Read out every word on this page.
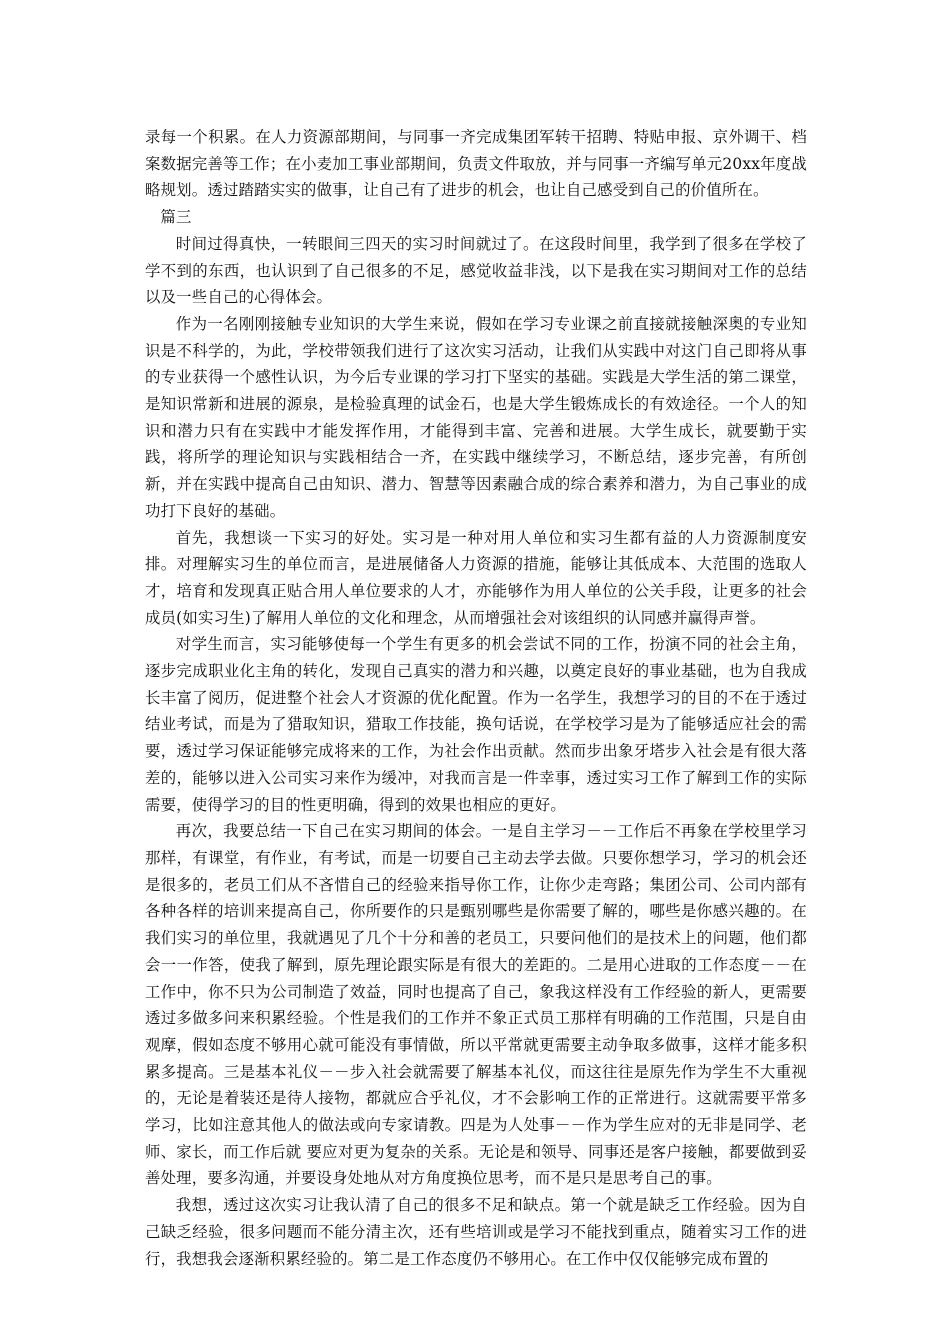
录每一个积累。在人力资源部期间，与同事一齐完成集团军转干招聘、特贴申报、京外调干、档案数据完善等工作；在小麦加工事业部期间，负责文件取放，并与同事一齐编写单元20xx年度战略规划。透过踏踏实实的做事，让自己有了进步的机会，也让自己感受到自己的价值所在。

篇三

时间过得真快，一转眼间三四天的实习时间就过了。在这段时间里，我学到了很多在学校了学不到的东西，也认识到了自己很多的不足，感觉收益非浅，以下是我在实习期间对工作的总结以及一些自己的心得体会。

作为一名刚刚接触专业知识的大学生来说，假如在学习专业课之前直接就接触深奥的专业知识是不科学的，为此，学校带领我们进行了这次实习活动，让我们从实践中对这门自己即将从事的专业获得一个感性认识，为今后专业课的学习打下坚实的基础。实践是大学生活的第二课堂，是知识常新和进展的源泉，是检验真理的试金石，也是大学生锻炼成长的有效途径。一个人的知识和潜力只有在实践中才能发挥作用，才能得到丰富、完善和进展。大学生成长，就要勤于实践，将所学的理论知识与实践相结合一齐，在实践中继续学习，不断总结，逐步完善，有所创新，并在实践中提高自己由知识、潜力、智慧等因素融合成的综合素养和潜力，为自己事业的成功打下良好的基础。

首先，我想谈一下实习的好处。实习是一种对用人单位和实习生都有益的人力资源制度安排。对理解实习生的单位而言，是进展储备人力资源的措施，能够让其低成本、大范围的选取人才，培育和发现真正贴合用人单位要求的人才，亦能够作为用人单位的公关手段，让更多的社会成员(如实习生)了解用人单位的文化和理念，从而增强社会对该组织的认同感并赢得声誉。

对学生而言，实习能够使每一个学生有更多的机会尝试不同的工作，扮演不同的社会主角，逐步完成职业化主角的转化，发现自己真实的潜力和兴趣，以奠定良好的事业基础，也为自我成长丰富了阅历，促进整个社会人才资源的优化配置。作为一名学生，我想学习的目的不在于透过结业考试，而是为了猎取知识，猎取工作技能，换句话说，在学校学习是为了能够适应社会的需要，透过学习保证能够完成将来的工作，为社会作出贡献。然而步出象牙塔步入社会是有很大落差的，能够以进入公司实习来作为缓冲，对我而言是一件幸事，透过实习工作了解到工作的实际需要，使得学习的目的性更明确，得到的效果也相应的更好。

再次，我要总结一下自己在实习期间的体会。一是自主学习－－工作后不再象在学校里学习那样，有课堂，有作业，有考试，而是一切要自己主动去学去做。只要你想学习，学习的机会还是很多的，老员工们从不吝惜自己的经验来指导你工作，让你少走弯路；集团公司、公司内部有各种各样的培训来提高自己，你所要作的只是甄别哪些是你需要了解的，哪些是你感兴趣的。在我们实习的单位里，我就遇见了几个十分和善的老员工，只要问他们的是技术上的问题，他们都会一一作答，使我了解到，原先理论跟实际是有很大的差距的。二是用心进取的工作态度－－在工作中，你不只为公司制造了效益，同时也提高了自己，象我这样没有工作经验的新人，更需要透过多做多问来积累经验。个性是我们的工作并不象正式员工那样有明确的工作范围，只是自由观摩，假如态度不够用心就可能没有事情做，所以平常就更需要主动争取多做事，这样才能多积累多提高。三是基本礼仪－－步入社会就需要了解基本礼仪，而这往往是原先作为学生不大重视的，无论是着装还是待人接物，都就应合乎礼仪，才不会影响工作的正常进行。这就需要平常多学习，比如注意其他人的做法或向专家请教。四是为人处事－－作为学生应对的无非是同学、老师、家长，而工作后就 要应对更为复杂的关系。无论是和领导、同事还是客户接触，都要做到妥善处理，要多沟通，并要设身处地从对方角度换位思考，而不是只是思考自己的事。

我想，透过这次实习让我认清了自己的很多不足和缺点。第一个就是缺乏工作经验。因为自己缺乏经验，很多问题而不能分清主次，还有些培训或是学习不能找到重点，随着实习工作的进行，我想我会逐渐积累经验的。第二是工作态度仍不够用心。在工作中仅仅能够完成布置的
